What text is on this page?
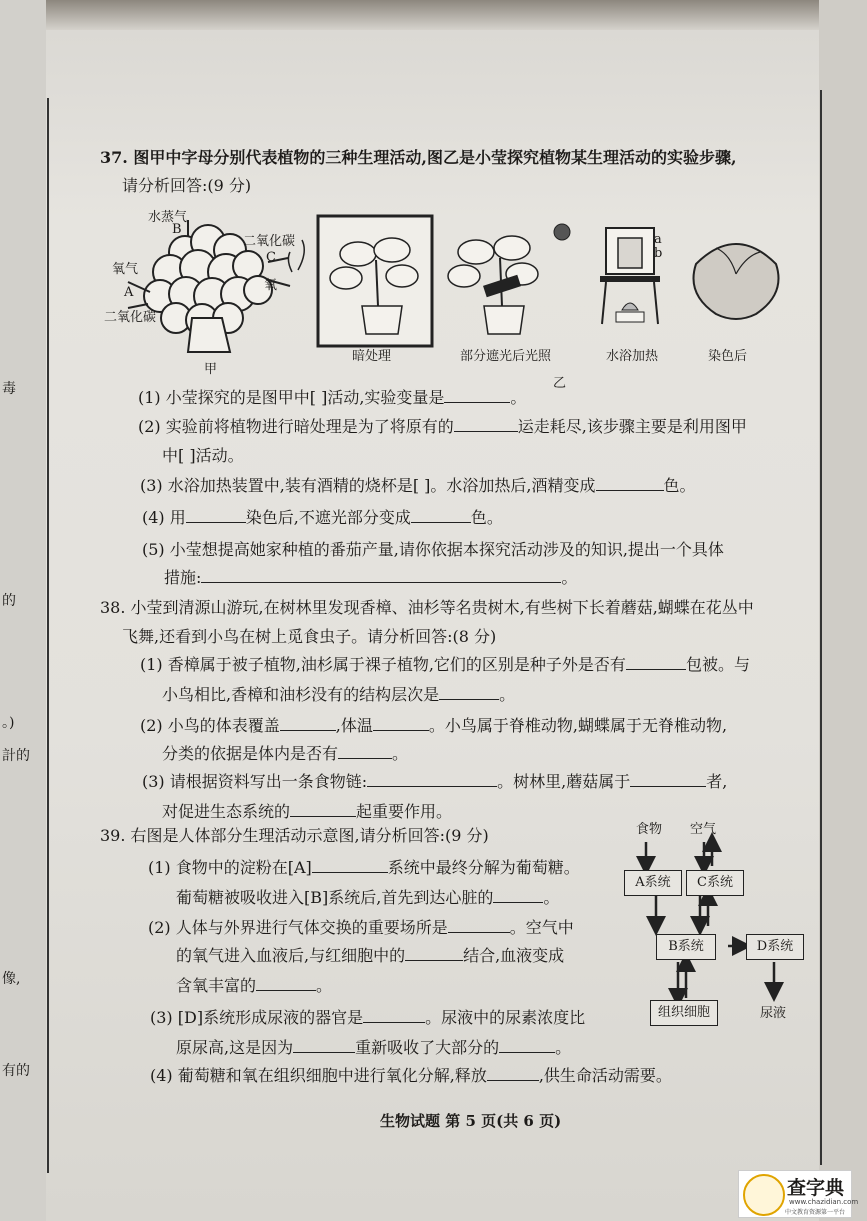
毒
的
。)
計的
像,
有的
37. 图甲中字母分别代表植物的三种生理活动,图乙是小莹探究植物某生理活动的实验步骤,
请分析回答:(9 分)
水蒸气
B
二氧化碳
C
氧气
A
二氧化碳
氧
甲
a
b
暗处理	部分遮光后光照	水浴加热	染色后
乙
(1) 小莹探究的是图甲中[ ]活动,实验变量是	。
(2) 实验前将植物进行暗处理是为了将原有的	运走耗尽,该步骤主要是利用图甲
中[ ]活动。
(3) 水浴加热装置中,装有酒精的烧杯是[ ]。水浴加热后,酒精变成	色。
(4) 用	染色后,不遮光部分变成	色。
(5) 小莹想提高她家种植的番茄产量,请你依据本探究活动涉及的知识,提出一个具体
措施:	。
38. 小莹到清源山游玩,在树林里发现香樟、油杉等名贵树木,有些树下长着蘑菇,蝴蝶在花丛中
飞舞,还看到小鸟在树上觅食虫子。请分析回答:(8 分)
(1) 香樟属于被子植物,油杉属于裸子植物,它们的区别是种子外是否有	包被。与
小鸟相比,香樟和油杉没有的结构层次是	。
(2) 小鸟的体表覆盖	,体温	。小鸟属于脊椎动物,蝴蝶属于无脊椎动物,
分类的依据是体内是否有	。
(3) 请根据资料写出一条食物链:	。树林里,蘑菇属于	者,
对促进生态系统的	起重要作用。
39. 右图是人体部分生理活动示意图,请分析回答:(9 分)
(1) 食物中的淀粉在[A]	系统中最终分解为葡萄糖。
葡萄糖被吸收进入[B]系统后,首先到达心脏的	。
(2) 人体与外界进行气体交换的重要场所是	。空气中
的氧气进入血液后,与红细胞中的	结合,血液变成
含氧丰富的	。
(3) [D]系统形成尿液的器官是	。尿液中的尿素浓度比
原尿高,这是因为	重新吸收了大部分的	。
(4) 葡萄糖和氧在组织细胞中进行氧化分解,释放	,供生命活动需要。
食物 空气
A系统	C系统
B系统	D系统
组织细胞	尿液
生物试题 第 5 页(共 6 页)
查字典
www.chazidian.com
中文教育资源第一平台
